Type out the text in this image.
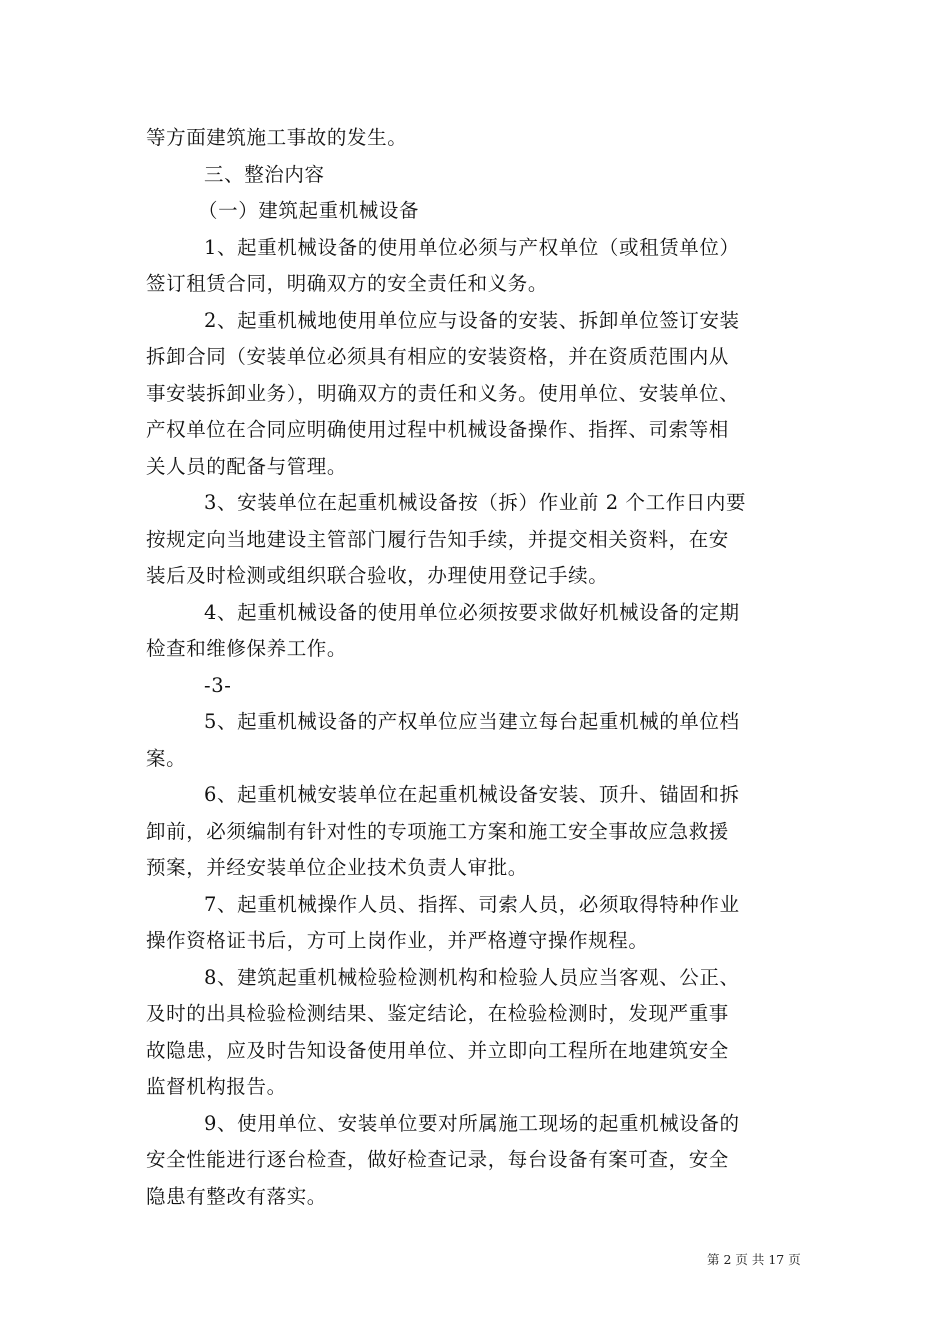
等方面建筑施工事故的发生。
三、整治内容
（一）建筑起重机械设备
1、起重机械设备的使用单位必须与产权单位（或租赁单位）
签订租赁合同，明确双方的安全责任和义务。
2、起重机械地使用单位应与设备的安装、拆卸单位签订安装
拆卸合同（安装单位必须具有相应的安装资格，并在资质范围内从
事安装拆卸业务），明确双方的责任和义务。使用单位、安装单位、
产权单位在合同应明确使用过程中机械设备操作、指挥、司索等相
关人员的配备与管理。
3、安装单位在起重机械设备按（拆）作业前 2 个工作日内要
按规定向当地建设主管部门履行告知手续，并提交相关资料，在安
装后及时检测或组织联合验收，办理使用登记手续。
4、起重机械设备的使用单位必须按要求做好机械设备的定期
检查和维修保养工作。
-3-
5、起重机械设备的产权单位应当建立每台起重机械的单位档
案。
6、起重机械安装单位在起重机械设备安装、顶升、锚固和拆
卸前，必须编制有针对性的专项施工方案和施工安全事故应急救援
预案，并经安装单位企业技术负责人审批。
7、起重机械操作人员、指挥、司索人员，必须取得特种作业
操作资格证书后，方可上岗作业，并严格遵守操作规程。
8、建筑起重机械检验检测机构和检验人员应当客观、公正、
及时的出具检验检测结果、鉴定结论，在检验检测时，发现严重事
故隐患，应及时告知设备使用单位、并立即向工程所在地建筑安全
监督机构报告。
9、使用单位、安装单位要对所属施工现场的起重机械设备的
安全性能进行逐台检查，做好检查记录，每台设备有案可查，安全
隐患有整改有落实。
第 2 页 共 17 页
